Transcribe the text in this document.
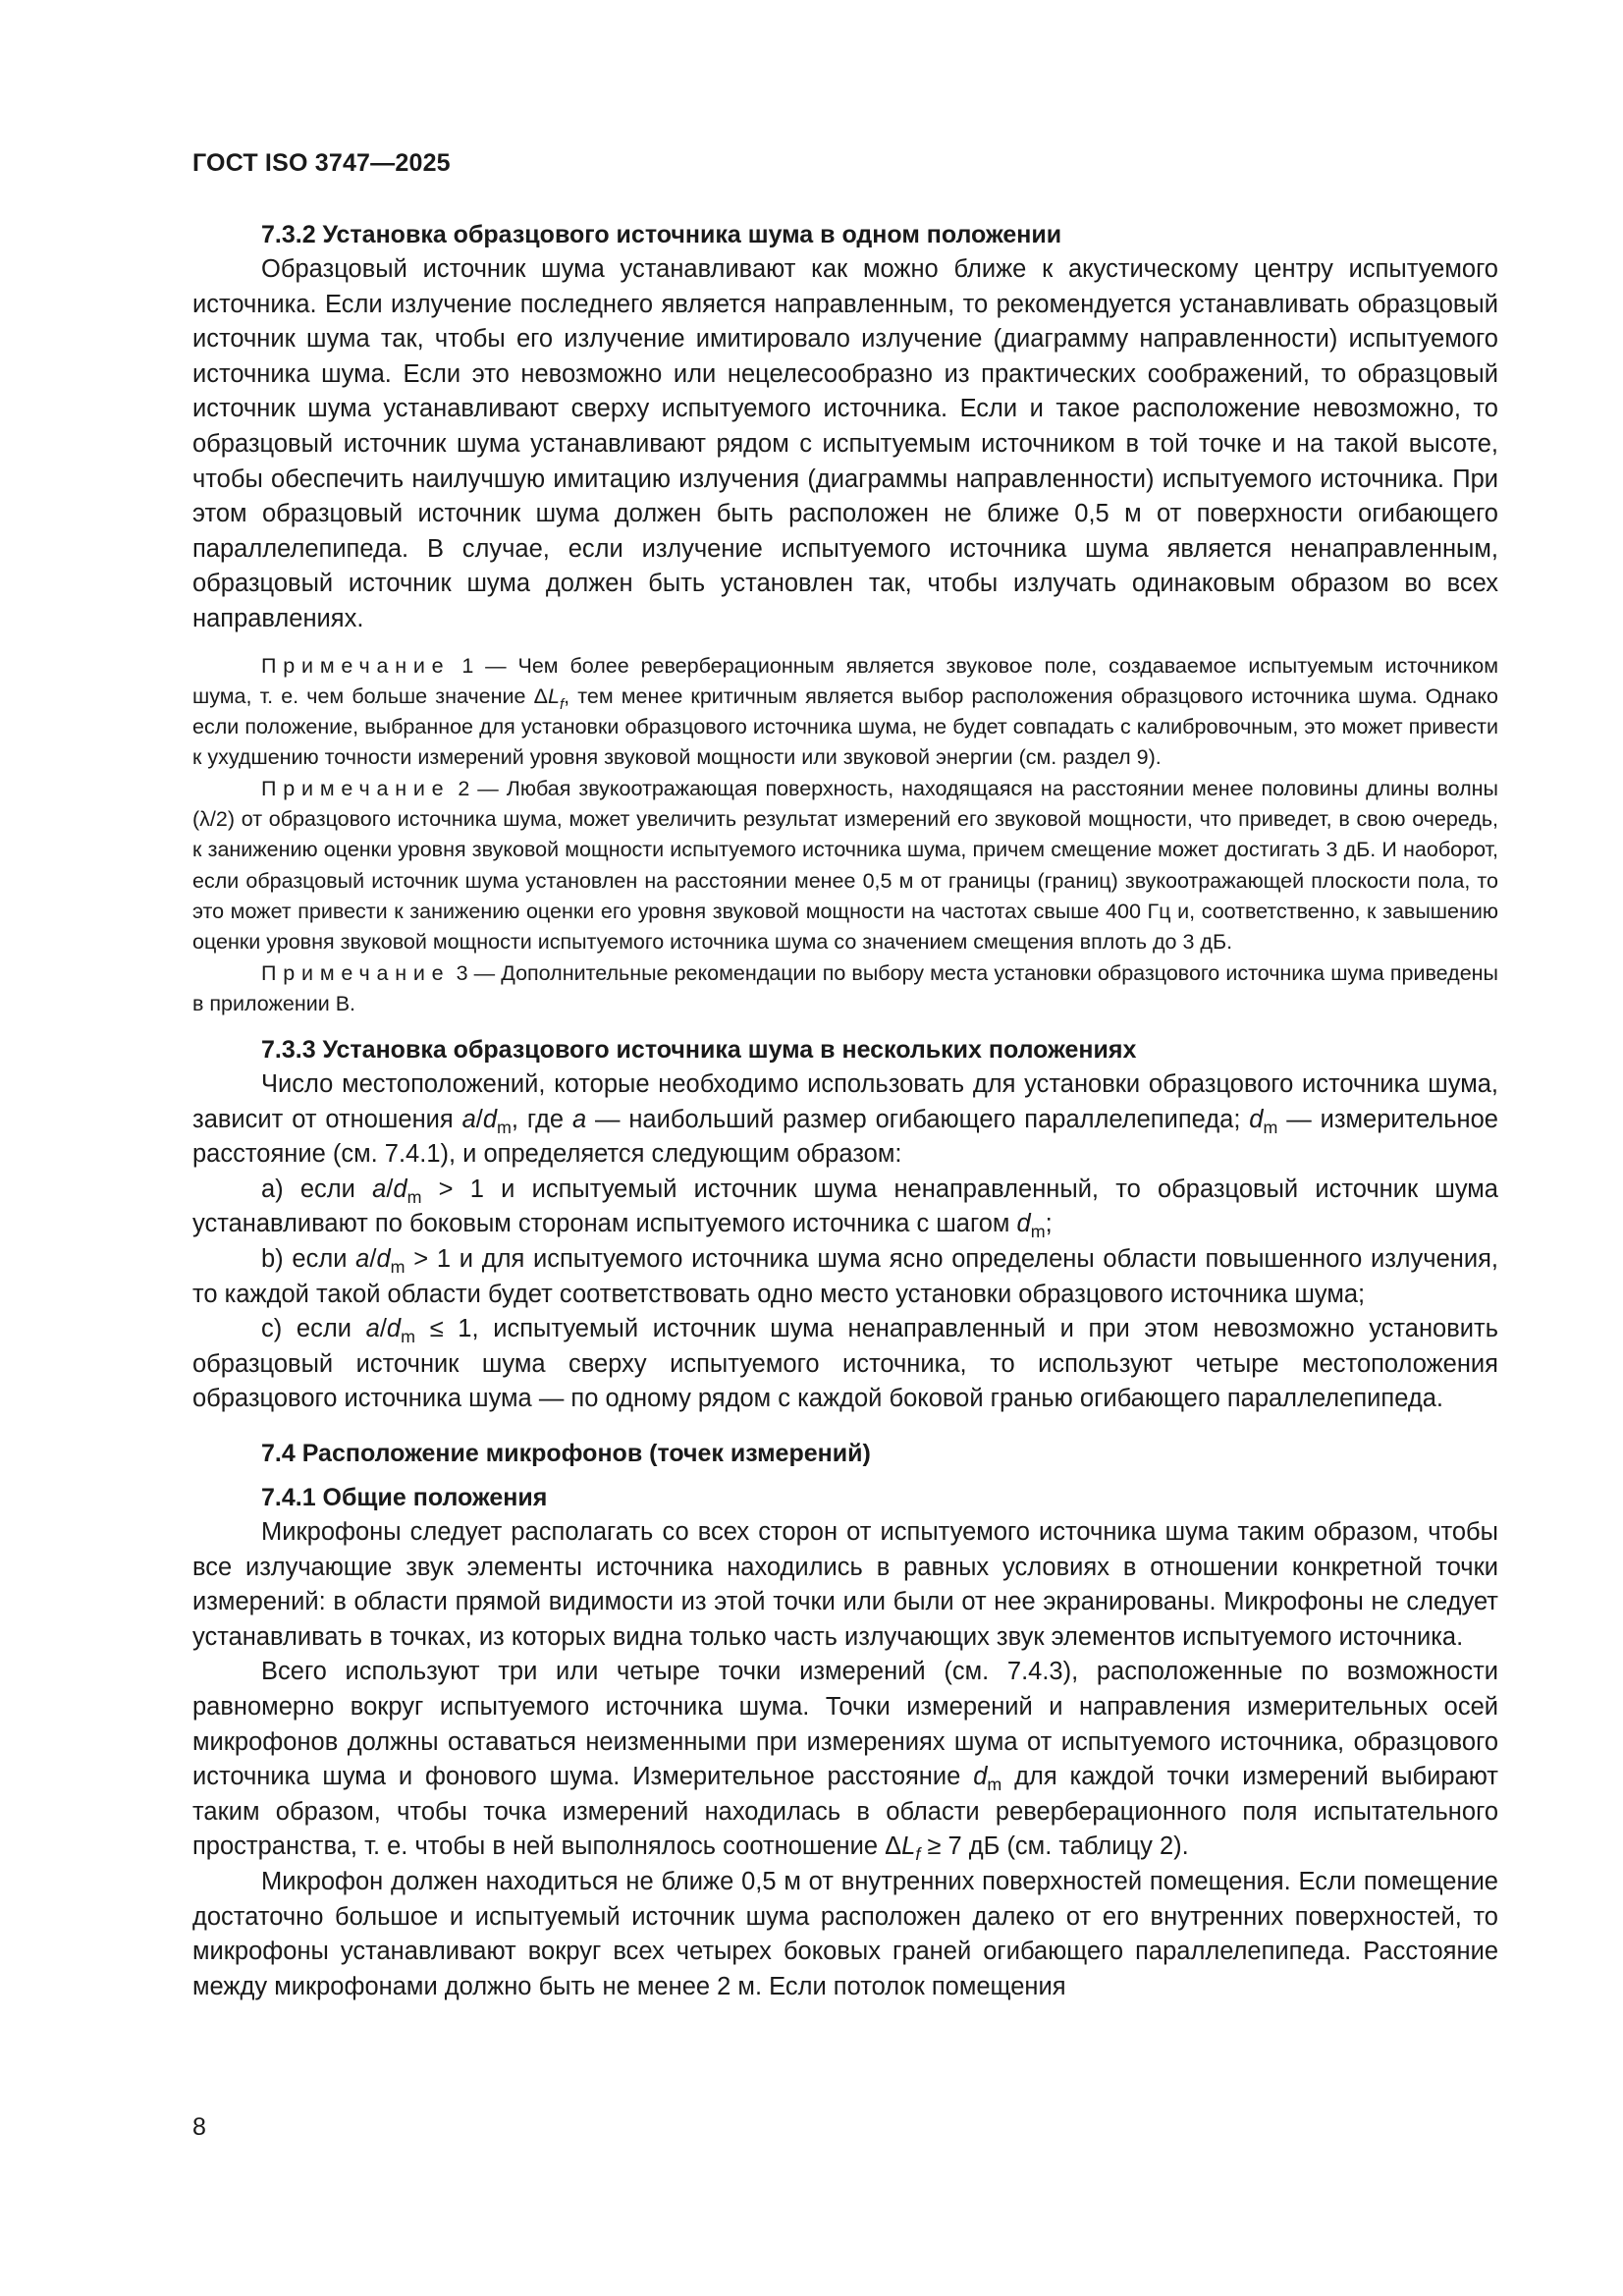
ГОСТ ISO 3747—2025

7.3.2 Установка образцового источника шума в одном положении

Образцовый источник шума устанавливают как можно ближе к акустическому центру испытуемого источника. Если излучение последнего является направленным, то рекомендуется устанавливать образцовый источник шума так, чтобы его излучение имитировало излучение (диаграмму направленности) испытуемого источника шума. Если это невозможно или нецелесообразно из практических соображений, то образцовый источник шума устанавливают сверху испытуемого источника. Если и такое расположение невозможно, то образцовый источник шума устанавливают рядом с испытуемым источником в той точке и на такой высоте, чтобы обеспечить наилучшую имитацию излучения (диаграммы направленности) испытуемого источника. При этом образцовый источник шума должен быть расположен не ближе 0,5 м от поверхности огибающего параллелепипеда. В случае, если излучение испытуемого источника шума является ненаправленным, образцовый источник шума должен быть установлен так, чтобы излучать одинаковым образом во всех направлениях.

Примечание 1 — Чем более реверберационным является звуковое поле, создаваемое испытуемым источником шума, т. е. чем больше значение $\Delta L_f$, тем менее критичным является выбор расположения образцового источника шума. Однако если положение, выбранное для установки образцового источника шума, не будет совпадать с калибровочным, это может привести к ухудшению точности измерений уровня звуковой мощности или звуковой энергии (см. раздел 9).

Примечание 2 — Любая звукоотражающая поверхность, находящаяся на расстоянии менее половины длины волны (λ/2) от образцового источника шума, может увеличить результат измерений его звуковой мощности, что приведет, в свою очередь, к занижению оценки уровня звуковой мощности испытуемого источника шума, причем смещение может достигать 3 дБ. И наоборот, если образцовый источник шума установлен на расстоянии менее 0,5 м от границы (границ) звукоотражающей плоскости пола, то это может привести к занижению оценки его уровня звуковой мощности на частотах свыше 400 Гц и, соответственно, к завышению оценки уровня звуковой мощности испытуемого источника шума со значением смещения вплоть до 3 дБ.

Примечание 3 — Дополнительные рекомендации по выбору места установки образцового источника шума приведены в приложении В.

7.3.3 Установка образцового источника шума в нескольких положениях

Число местоположений, которые необходимо использовать для установки образцового источника шума, зависит от отношения $a/d_m$, где a — наибольший размер огибающего параллелепипеда; $d_m$ — измерительное расстояние (см. 7.4.1), и определяется следующим образом:

а) если $a/d_m > 1$ и испытуемый источник шума ненаправленный, то образцовый источник шума устанавливают по боковым сторонам испытуемого источника с шагом $d_m$;

b) если $a/d_m > 1$ и для испытуемого источника шума ясно определены области повышенного излучения, то каждой такой области будет соответствовать одно место установки образцового источника шума;

с) если $a/d_m \le 1$, испытуемый источник шума ненаправленный и при этом невозможно установить образцовый источник шума сверху испытуемого источника, то используют четыре местоположения образцового источника шума — по одному рядом с каждой боковой гранью огибающего параллелепипеда.

7.4 Расположение микрофонов (точек измерений)

7.4.1 Общие положения

Микрофоны следует располагать со всех сторон от испытуемого источника шума таким образом, чтобы все излучающие звук элементы источника находились в равных условиях в отношении конкретной точки измерений: в области прямой видимости из этой точки или были от нее экранированы. Микрофоны не следует устанавливать в точках, из которых видна только часть излучающих звук элементов испытуемого источника.

Всего используют три или четыре точки измерений (см. 7.4.3), расположенные по возможности равномерно вокруг испытуемого источника шума. Точки измерений и направления измерительных осей микрофонов должны оставаться неизменными при измерениях шума от испытуемого источника, образцового источника шума и фонового шума. Измерительное расстояние $d_m$ для каждой точки измерений выбирают таким образом, чтобы точка измерений находилась в области реверберационного поля испытательного пространства, т. е. чтобы в ней выполнялось соотношение $\Delta L_f \ge 7$ дБ (см. таблицу 2).

Микрофон должен находиться не ближе 0,5 м от внутренних поверхностей помещения. Если помещение достаточно большое и испытуемый источник шума расположен далеко от его внутренних поверхностей, то микрофоны устанавливают вокруг всех четырех боковых граней огибающего параллелепипеда. Расстояние между микрофонами должно быть не менее 2 м. Если потолок помещения

8
